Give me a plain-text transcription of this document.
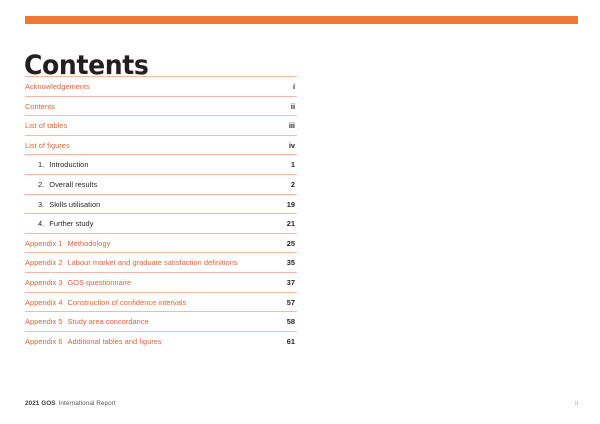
Contents
Acknowledgements	i
Contents	ii
List of tables	iii
List of figures	iv
1. Introduction	1
2. Overall results	2
3. Skills utilisation	19
4. Further study	21
Appendix 1 Methodology	25
Appendix 2 Labour market and graduate satisfaction definitions	35
Appendix 3 GOS questionnaire	37
Appendix 4 Construction of confidence intervals	57
Appendix 5 Study area concordance	58
Appendix 6 Additional tables and figures	61
2021 GOS International Report	ii
